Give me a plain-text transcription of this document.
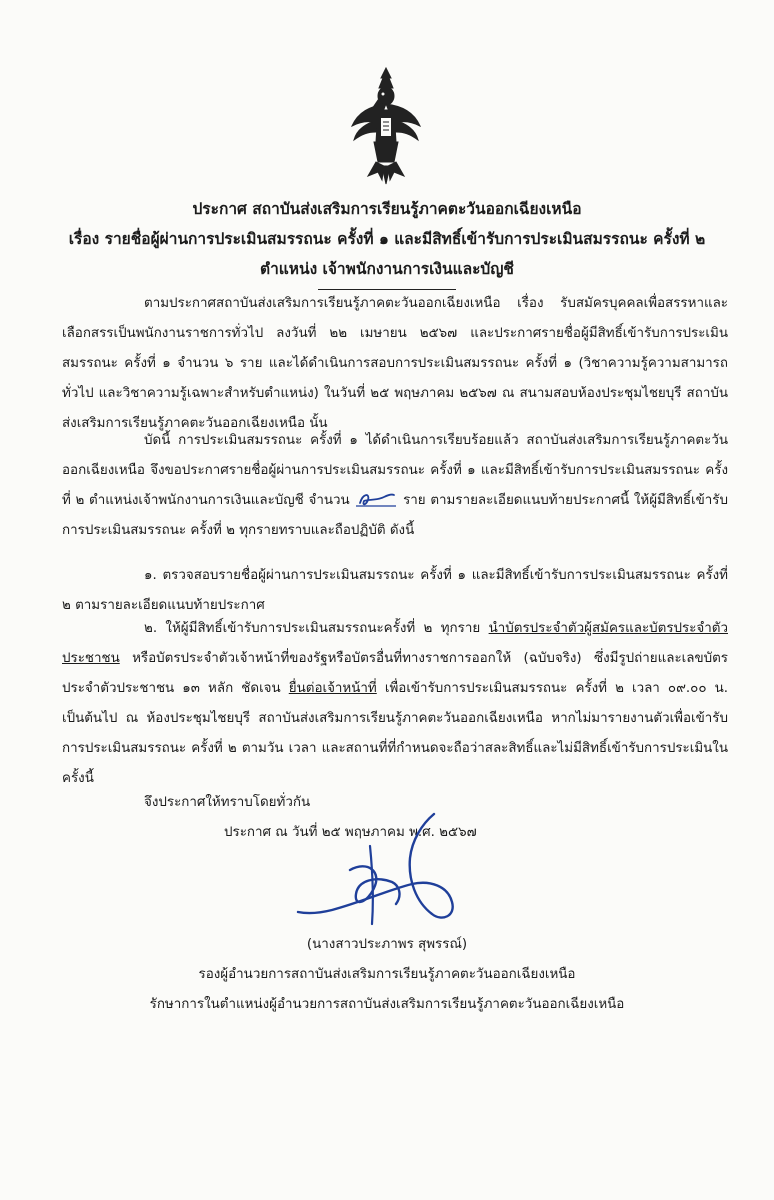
ประกาศ สถาบันส่งเสริมการเรียนรู้ภาคตะวันออกเฉียงเหนือ
เรื่อง รายชื่อผู้ผ่านการประเมินสมรรถนะ ครั้งที่ ๑ และมีสิทธิ์เข้ารับการประเมินสมรรถนะ ครั้งที่ ๒
ตำแหน่ง เจ้าพนักงานการเงินและบัญชี
ตามประกาศสถาบันส่งเสริมการเรียนรู้ภาคตะวันออกเฉียงเหนือ เรื่อง รับสมัครบุคคลเพื่อสรรหาและเลือกสรรเป็นพนักงานราชการทั่วไป ลงวันที่ ๒๒ เมษายน ๒๕๖๗ และประกาศรายชื่อผู้มีสิทธิ์เข้ารับการประเมินสมรรถนะ ครั้งที่ ๑ จำนวน ๖ ราย และได้ดำเนินการสอบการประเมินสมรรถนะ ครั้งที่ ๑ (วิชาความรู้ความสามารถทั่วไป และวิชาความรู้เฉพาะสำหรับตำแหน่ง) ในวันที่ ๒๕ พฤษภาคม ๒๕๖๗ ณ สนามสอบห้องประชุมไชยบุรี สถาบันส่งเสริมการเรียนรู้ภาคตะวันออกเฉียงเหนือ นั้น
บัดนี้ การประเมินสมรรถนะ ครั้งที่ ๑ ได้ดำเนินการเรียบร้อยแล้ว สถาบันส่งเสริมการเรียนรู้ภาคตะวันออกเฉียงเหนือ จึงขอประกาศรายชื่อผู้ผ่านการประเมินสมรรถนะ ครั้งที่ ๑ และมีสิทธิ์เข้ารับการประเมินสมรรถนะ ครั้งที่ ๒ ตำแหน่งเจ้าพนักงานการเงินและบัญชี จำนวน	ราย ตามรายละเอียดแนบท้ายประกาศนี้ ให้ผู้มีสิทธิ์เข้ารับการประเมินสมรรถนะ ครั้งที่ ๒ ทุกรายทราบและถือปฏิบัติ ดังนี้
๑. ตรวจสอบรายชื่อผู้ผ่านการประเมินสมรรถนะ ครั้งที่ ๑ และมีสิทธิ์เข้ารับการประเมินสมรรถนะ ครั้งที่ ๒ ตามรายละเอียดแนบท้ายประกาศ
๒. ให้ผู้มีสิทธิ์เข้ารับการประเมินสมรรถนะครั้งที่ ๒ ทุกราย นำบัตรประจำตัวผู้สมัครและบัตรประจำตัวประชาชน หรือบัตรประจำตัวเจ้าหน้าที่ของรัฐหรือบัตรอื่นที่ทางราชการออกให้ (ฉบับจริง) ซึ่งมีรูปถ่ายและเลขบัตรประจำตัวประชาชน ๑๓ หลัก ชัดเจน ยื่นต่อเจ้าหน้าที่ เพื่อเข้ารับการประเมินสมรรถนะ ครั้งที่ ๒ เวลา ๐๙.๐๐ น. เป็นต้นไป ณ ห้องประชุมไชยบุรี สถาบันส่งเสริมการเรียนรู้ภาคตะวันออกเฉียงเหนือ หากไม่มารายงานตัวเพื่อเข้ารับการประเมินสมรรถนะ ครั้งที่ ๒ ตามวัน เวลา และสถานที่ที่กำหนดจะถือว่าสละสิทธิ์และไม่มีสิทธิ์เข้ารับการประเมินในครั้งนี้
จึงประกาศให้ทราบโดยทั่วกัน
ประกาศ ณ วันที่ ๒๕ พฤษภาคม พ.ศ. ๒๕๖๗
(นางสาวประภาพร สุพรรณ์)
รองผู้อำนวยการสถาบันส่งเสริมการเรียนรู้ภาคตะวันออกเฉียงเหนือ
รักษาการในตำแหน่งผู้อำนวยการสถาบันส่งเสริมการเรียนรู้ภาคตะวันออกเฉียงเหนือ
